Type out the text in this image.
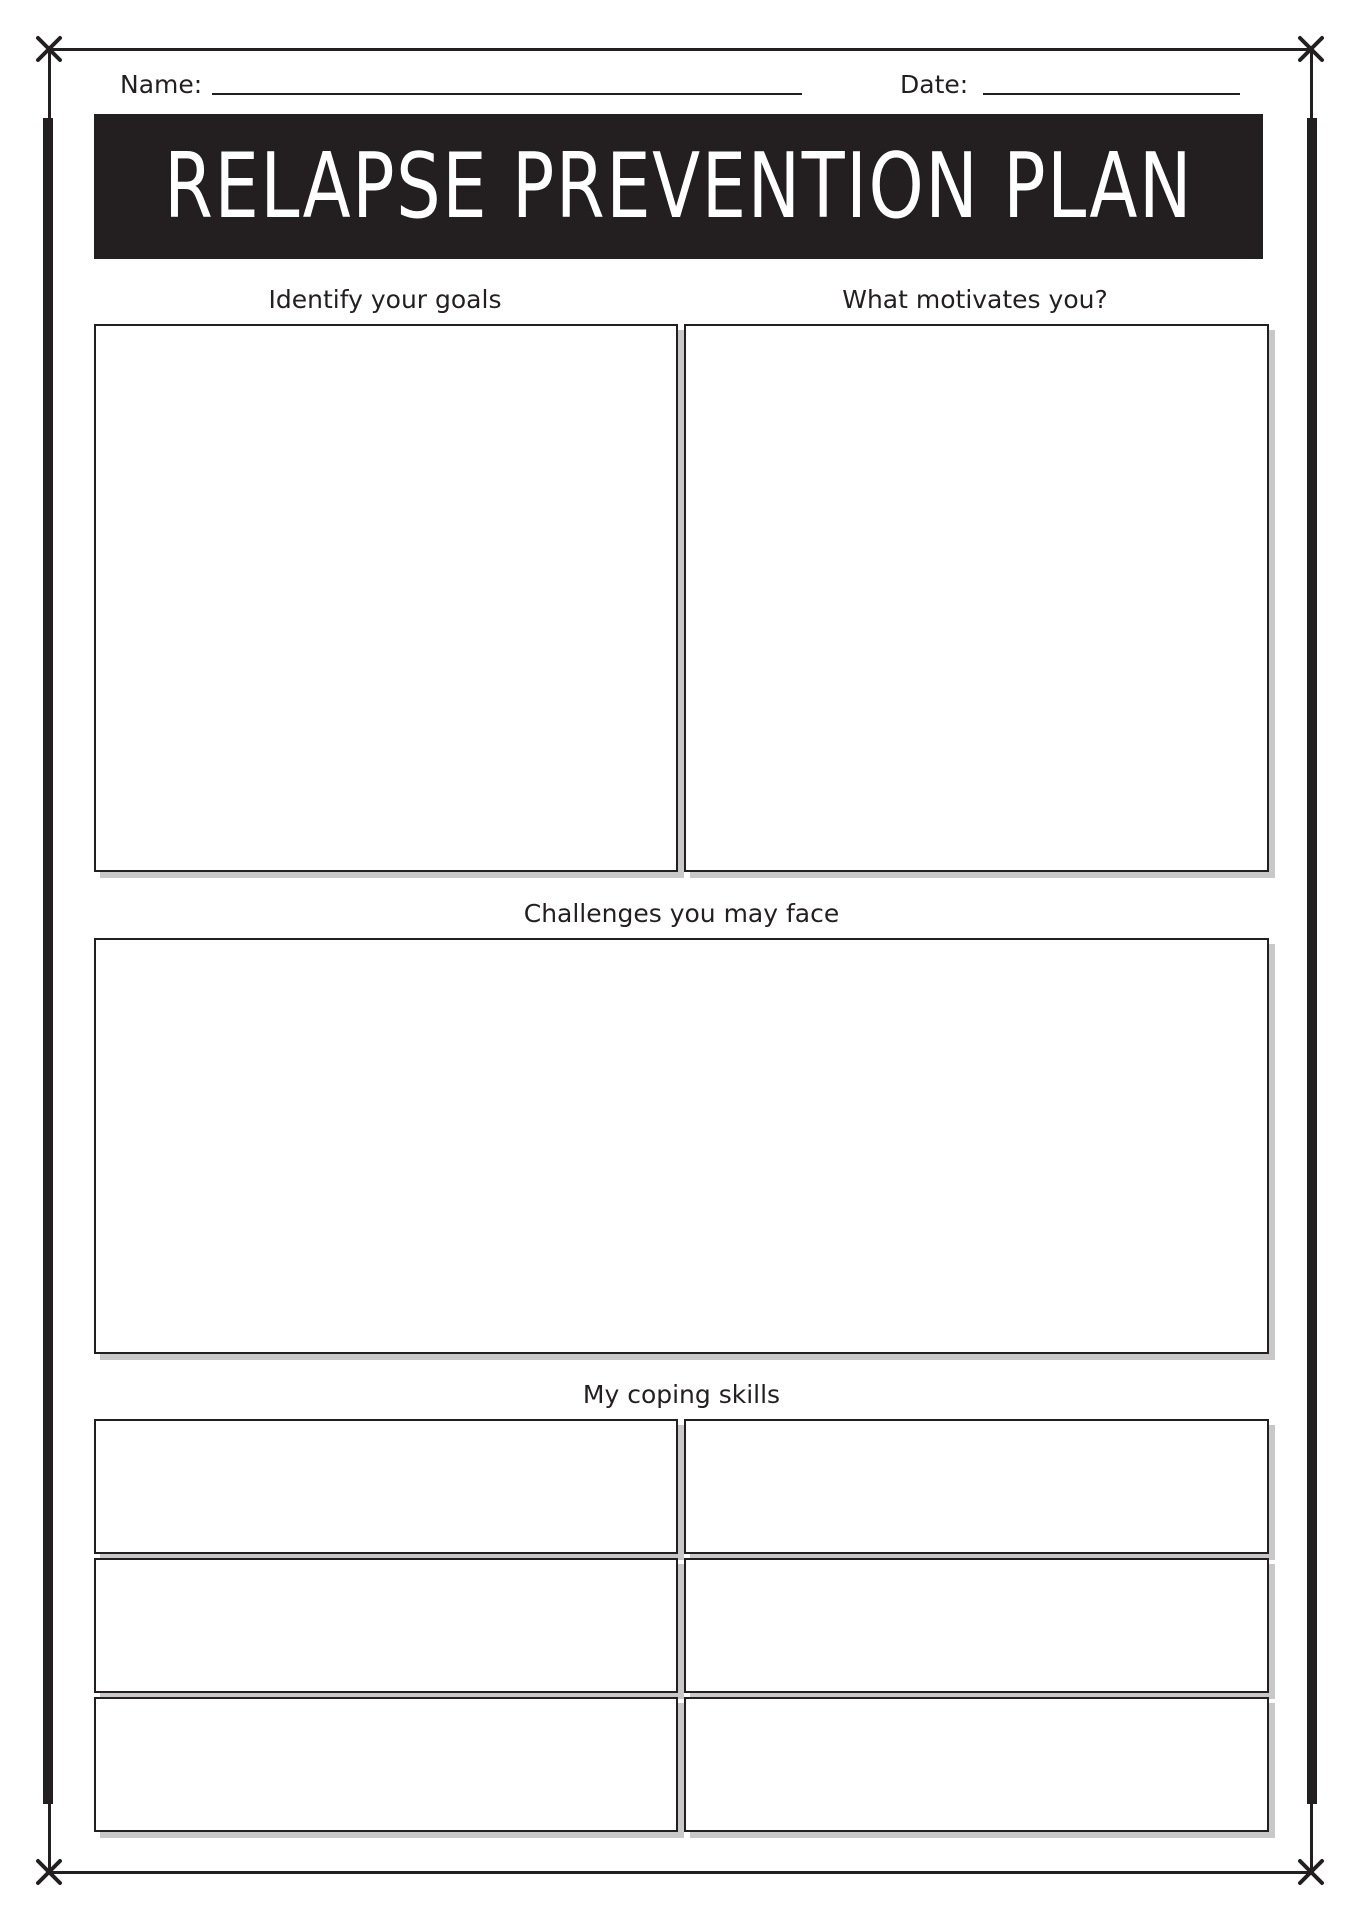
Name:	Date:
RELAPSE PREVENTION PLAN
Identify your goals	What motivates you?
Challenges you may face
My coping skills
